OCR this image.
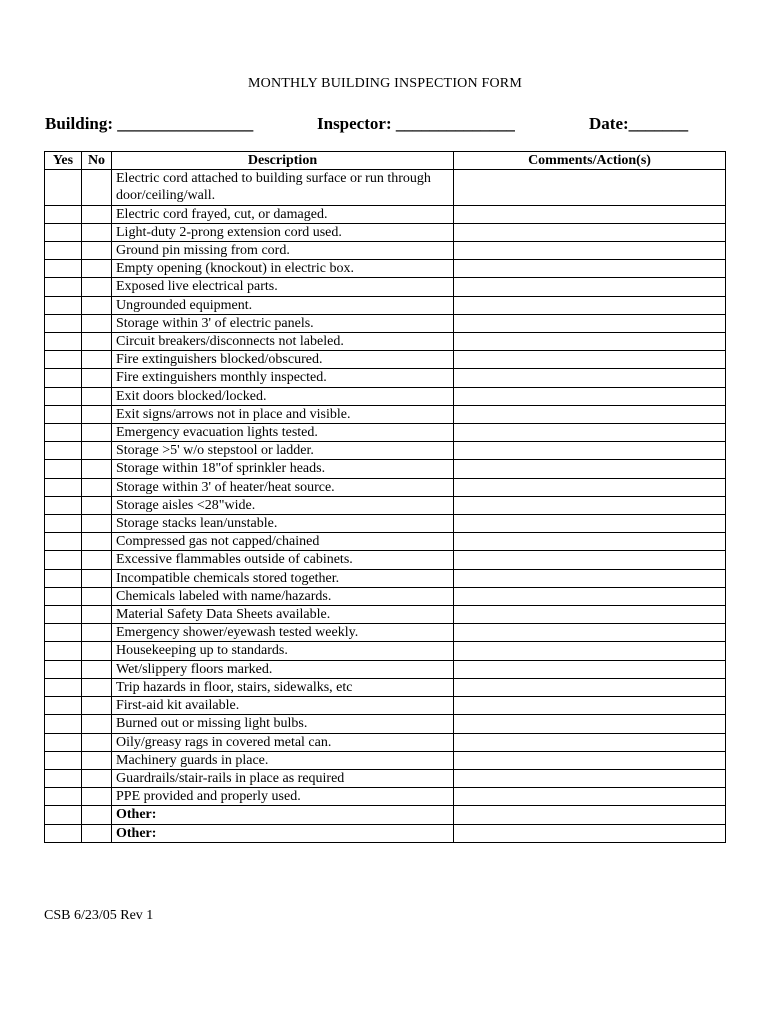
MONTHLY BUILDING INSPECTION FORM
Building: ________________	Inspector: ______________	Date:_______
Yes	No	Description	Comments/Action(s)
		Electric cord attached to building surface or run through door/ceiling/wall.	
		Electric cord frayed, cut, or damaged.	
		Light-duty 2-prong extension cord used.	
		Ground pin missing from cord.	
		Empty opening (knockout) in electric box.	
		Exposed live electrical parts.	
		Ungrounded equipment.	
		Storage within 3' of electric panels.	
		Circuit breakers/disconnects not labeled.	
		Fire extinguishers blocked/obscured.	
		Fire extinguishers monthly inspected.	
		Exit doors blocked/locked.	
		Exit signs/arrows not in place and visible.	
		Emergency evacuation lights tested.	
		Storage >5' w/o stepstool or ladder.	
		Storage within 18"of sprinkler heads.	
		Storage within 3' of heater/heat source.	
		Storage aisles <28"wide.	
		Storage stacks lean/unstable.	
		Compressed gas not capped/chained	
		Excessive flammables outside of cabinets.	
		Incompatible chemicals stored together.	
		Chemicals labeled with name/hazards.	
		Material Safety Data Sheets available.	
		Emergency shower/eyewash tested weekly.	
		Housekeeping up to standards.	
		Wet/slippery floors marked.	
		Trip hazards in floor, stairs, sidewalks, etc	
		First-aid kit available.	
		Burned out or missing light bulbs.	
		Oily/greasy rags in covered metal can.	
		Machinery guards in place.	
		Guardrails/stair-rails in place as required	
		PPE provided and properly used.	
		Other:	
		Other:	
CSB 6/23/05 Rev 1
